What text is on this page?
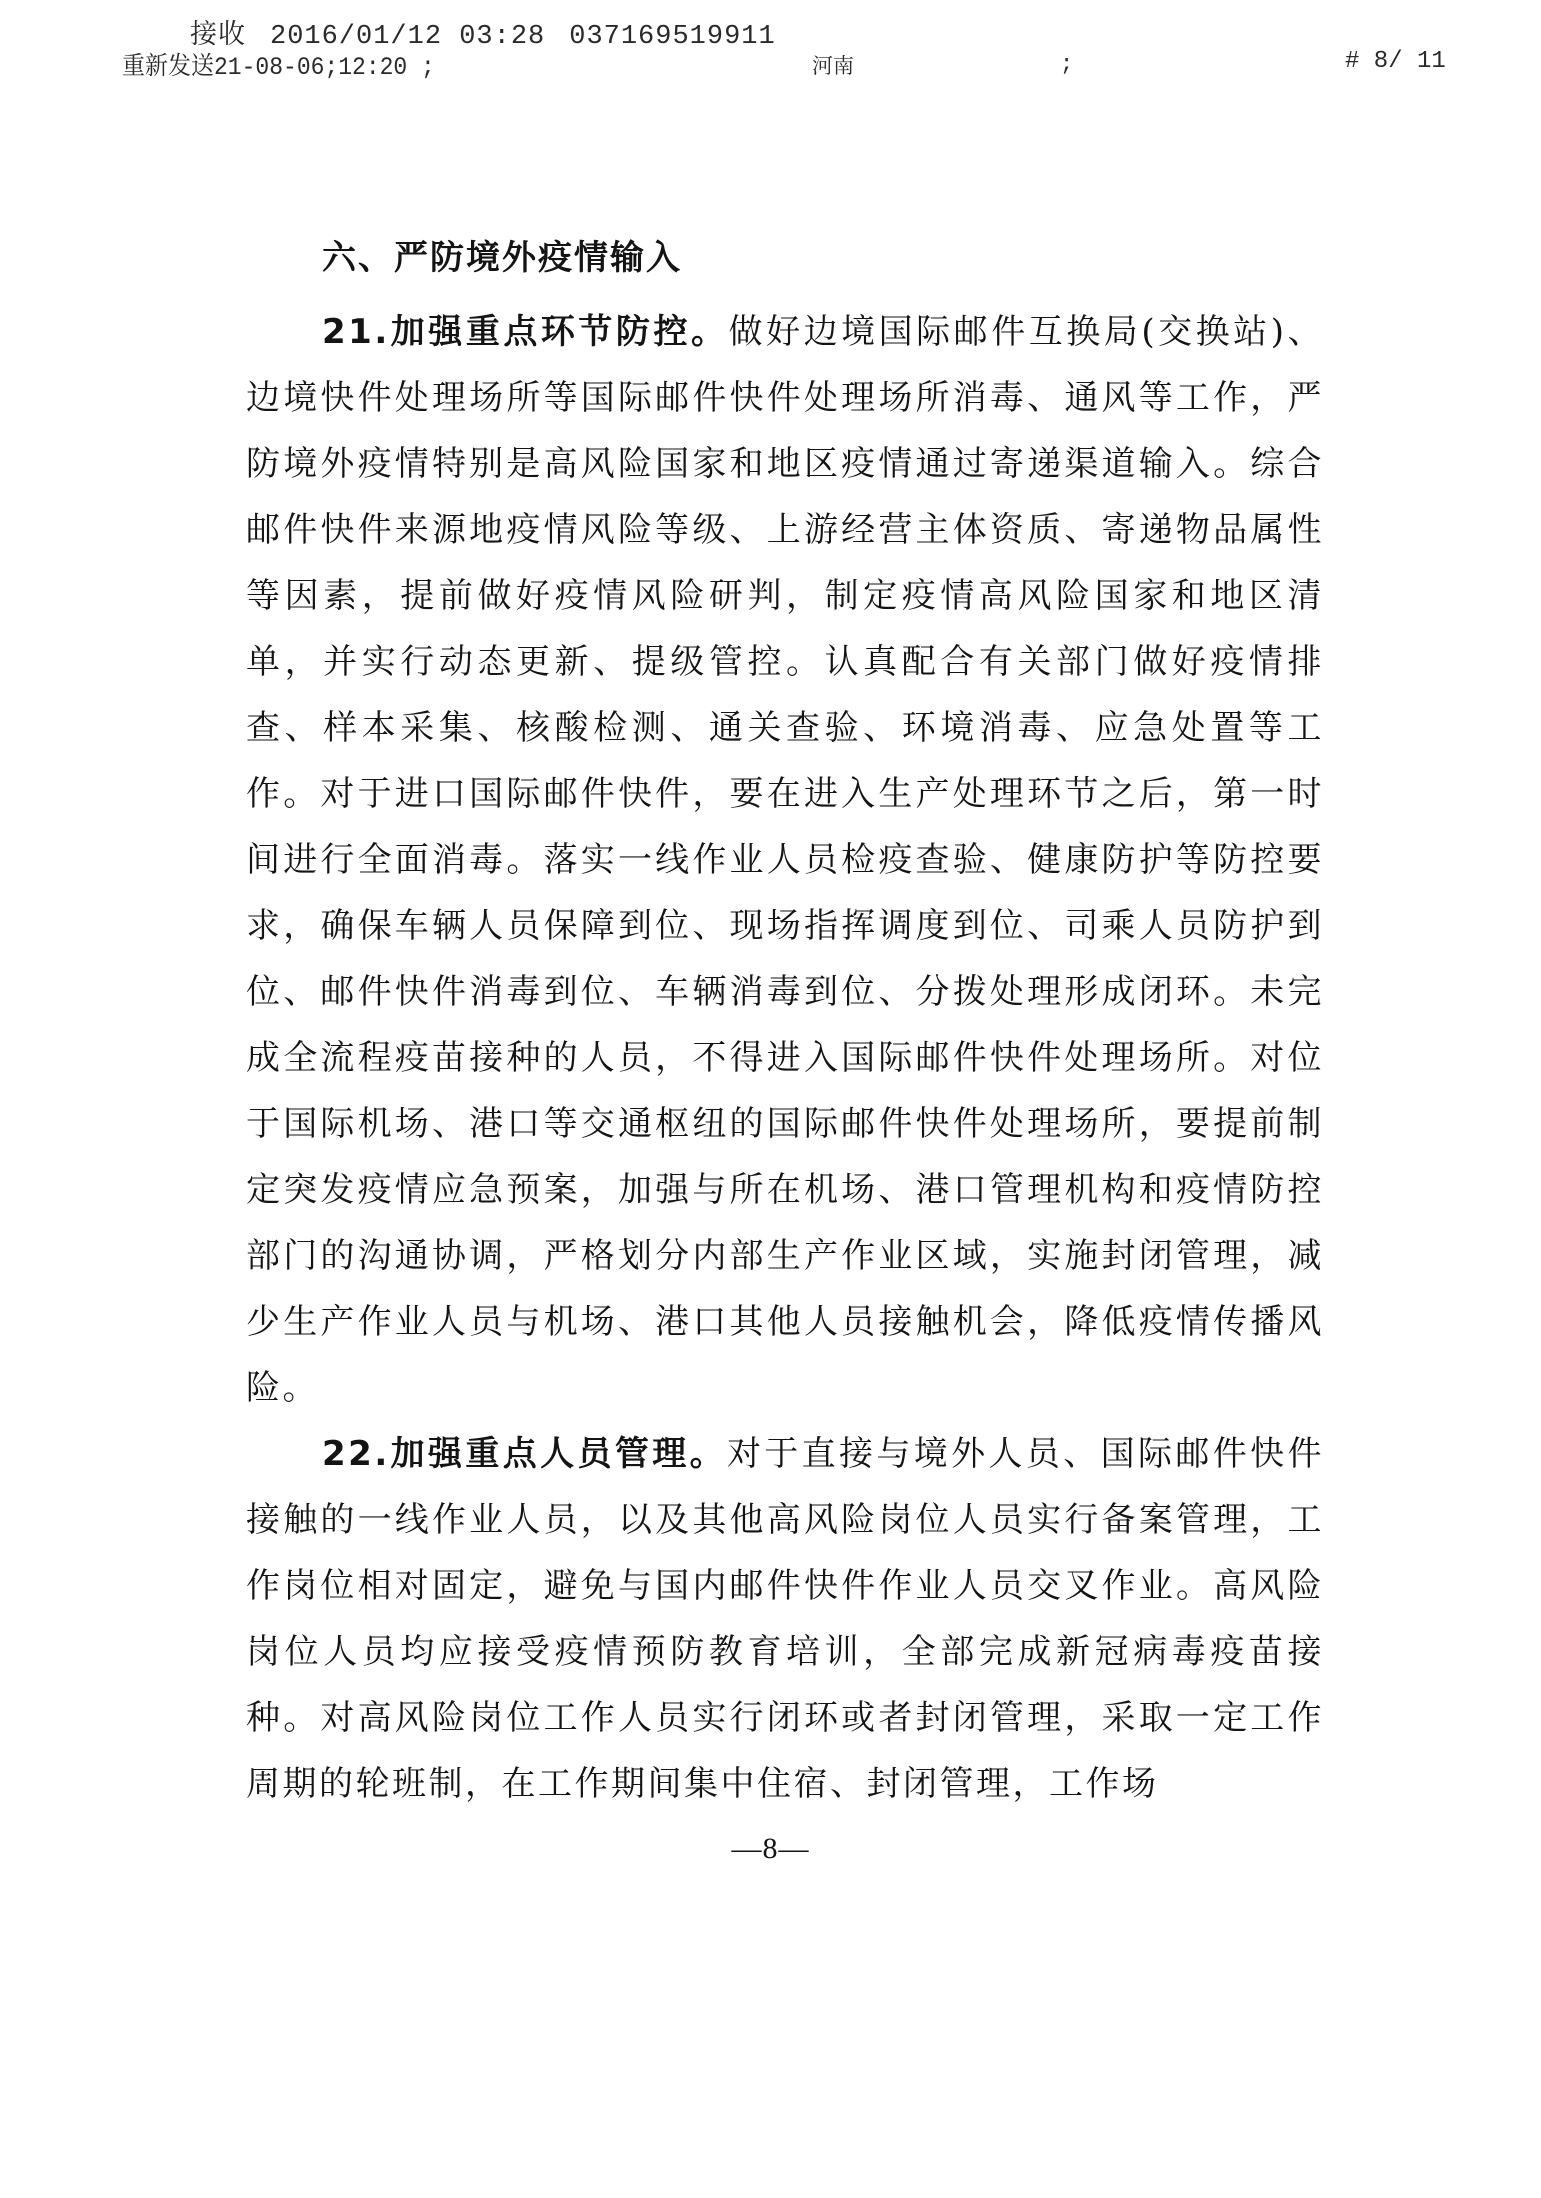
接收 2016/01/12 03:28 037169519911
重新发送21-08-06;12:20 ;	河南	;	# 8/ 11
六、严防境外疫情输入

21.加强重点环节防控。做好边境国际邮件互换局(交换站)、边境快件处理场所等国际邮件快件处理场所消毒、通风等工作，严防境外疫情特别是高风险国家和地区疫情通过寄递渠道输入。综合邮件快件来源地疫情风险等级、上游经营主体资质、寄递物品属性等因素，提前做好疫情风险研判，制定疫情高风险国家和地区清单，并实行动态更新、提级管控。认真配合有关部门做好疫情排查、样本采集、核酸检测、通关查验、环境消毒、应急处置等工作。对于进口国际邮件快件，要在进入生产处理环节之后，第一时间进行全面消毒。落实一线作业人员检疫查验、健康防护等防控要求，确保车辆人员保障到位、现场指挥调度到位、司乘人员防护到位、邮件快件消毒到位、车辆消毒到位、分拨处理形成闭环。未完成全流程疫苗接种的人员，不得进入国际邮件快件处理场所。对位于国际机场、港口等交通枢纽的国际邮件快件处理场所，要提前制定突发疫情应急预案，加强与所在机场、港口管理机构和疫情防控部门的沟通协调，严格划分内部生产作业区域，实施封闭管理，减少生产作业人员与机场、港口其他人员接触机会，降低疫情传播风险。

22.加强重点人员管理。对于直接与境外人员、国际邮件快件接触的一线作业人员，以及其他高风险岗位人员实行备案管理，工作岗位相对固定，避免与国内邮件快件作业人员交叉作业。高风险岗位人员均应接受疫情预防教育培训，全部完成新冠病毒疫苗接种。对高风险岗位工作人员实行闭环或者封闭管理，采取一定工作周期的轮班制，在工作期间集中住宿、封闭管理，工作场

—8—
